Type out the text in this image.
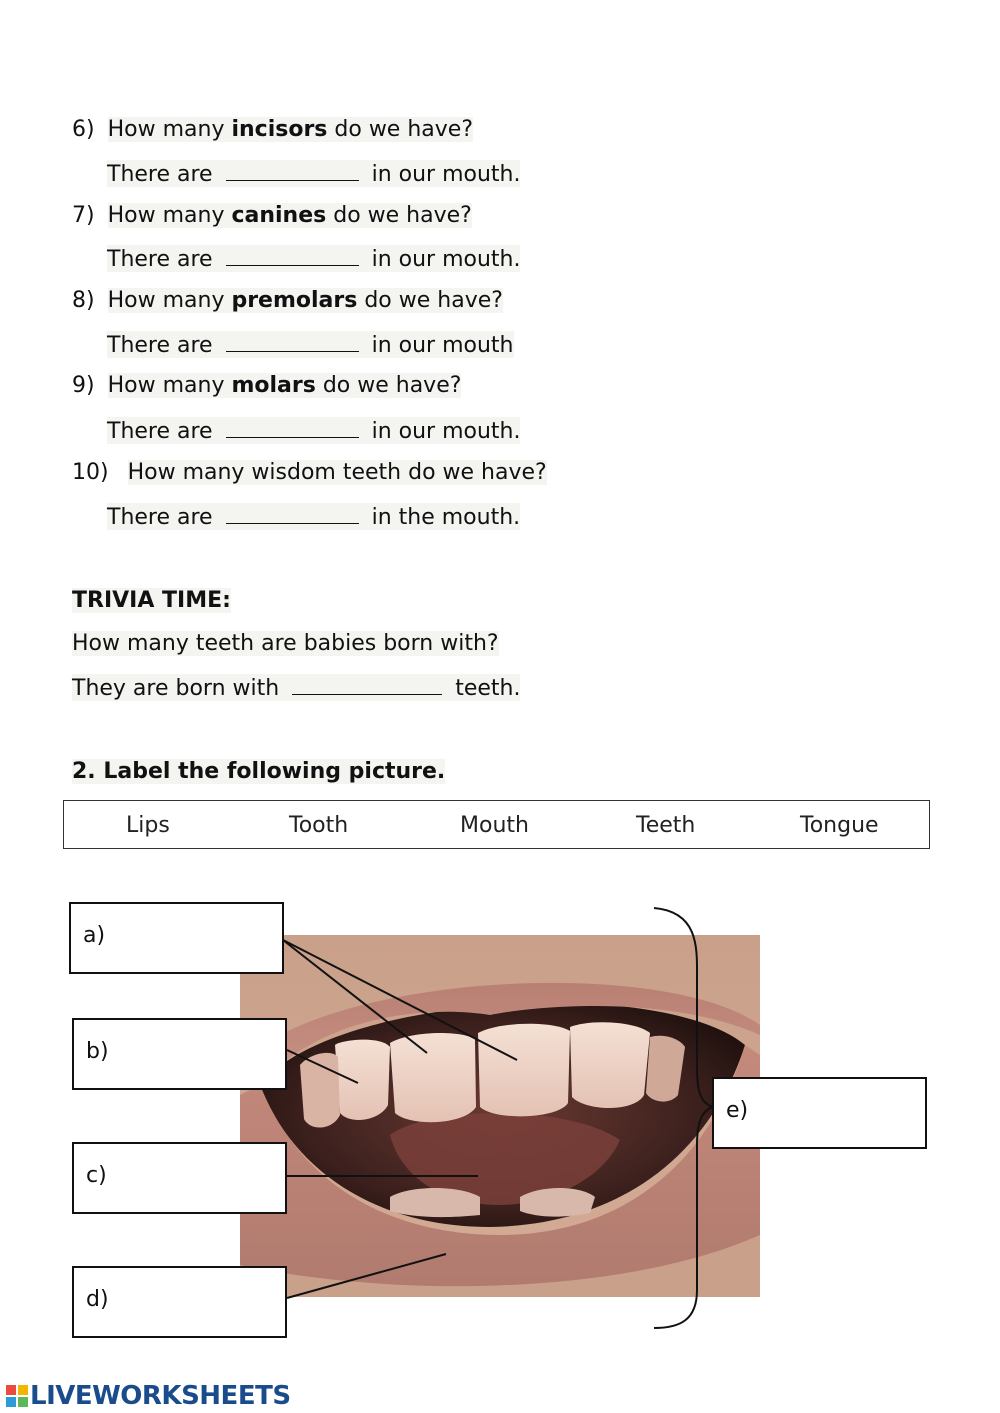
6) How many incisors do we have?
There are	in our mouth.
7) How many canines do we have?
There are	in our mouth.
8) How many premolars do we have?
There are	in our mouth
9) How many molars do we have?
There are	in our mouth.
10) How many wisdom teeth do we have?
There are	in the mouth.
TRIVIA TIME:
How many teeth are babies born with?
They are born with	teeth.
2. Label the following picture.
Lips	Tooth	Mouth	Teeth	Tongue
a)
b)
c)
d)
e)
LIVEWORKSHEETS
